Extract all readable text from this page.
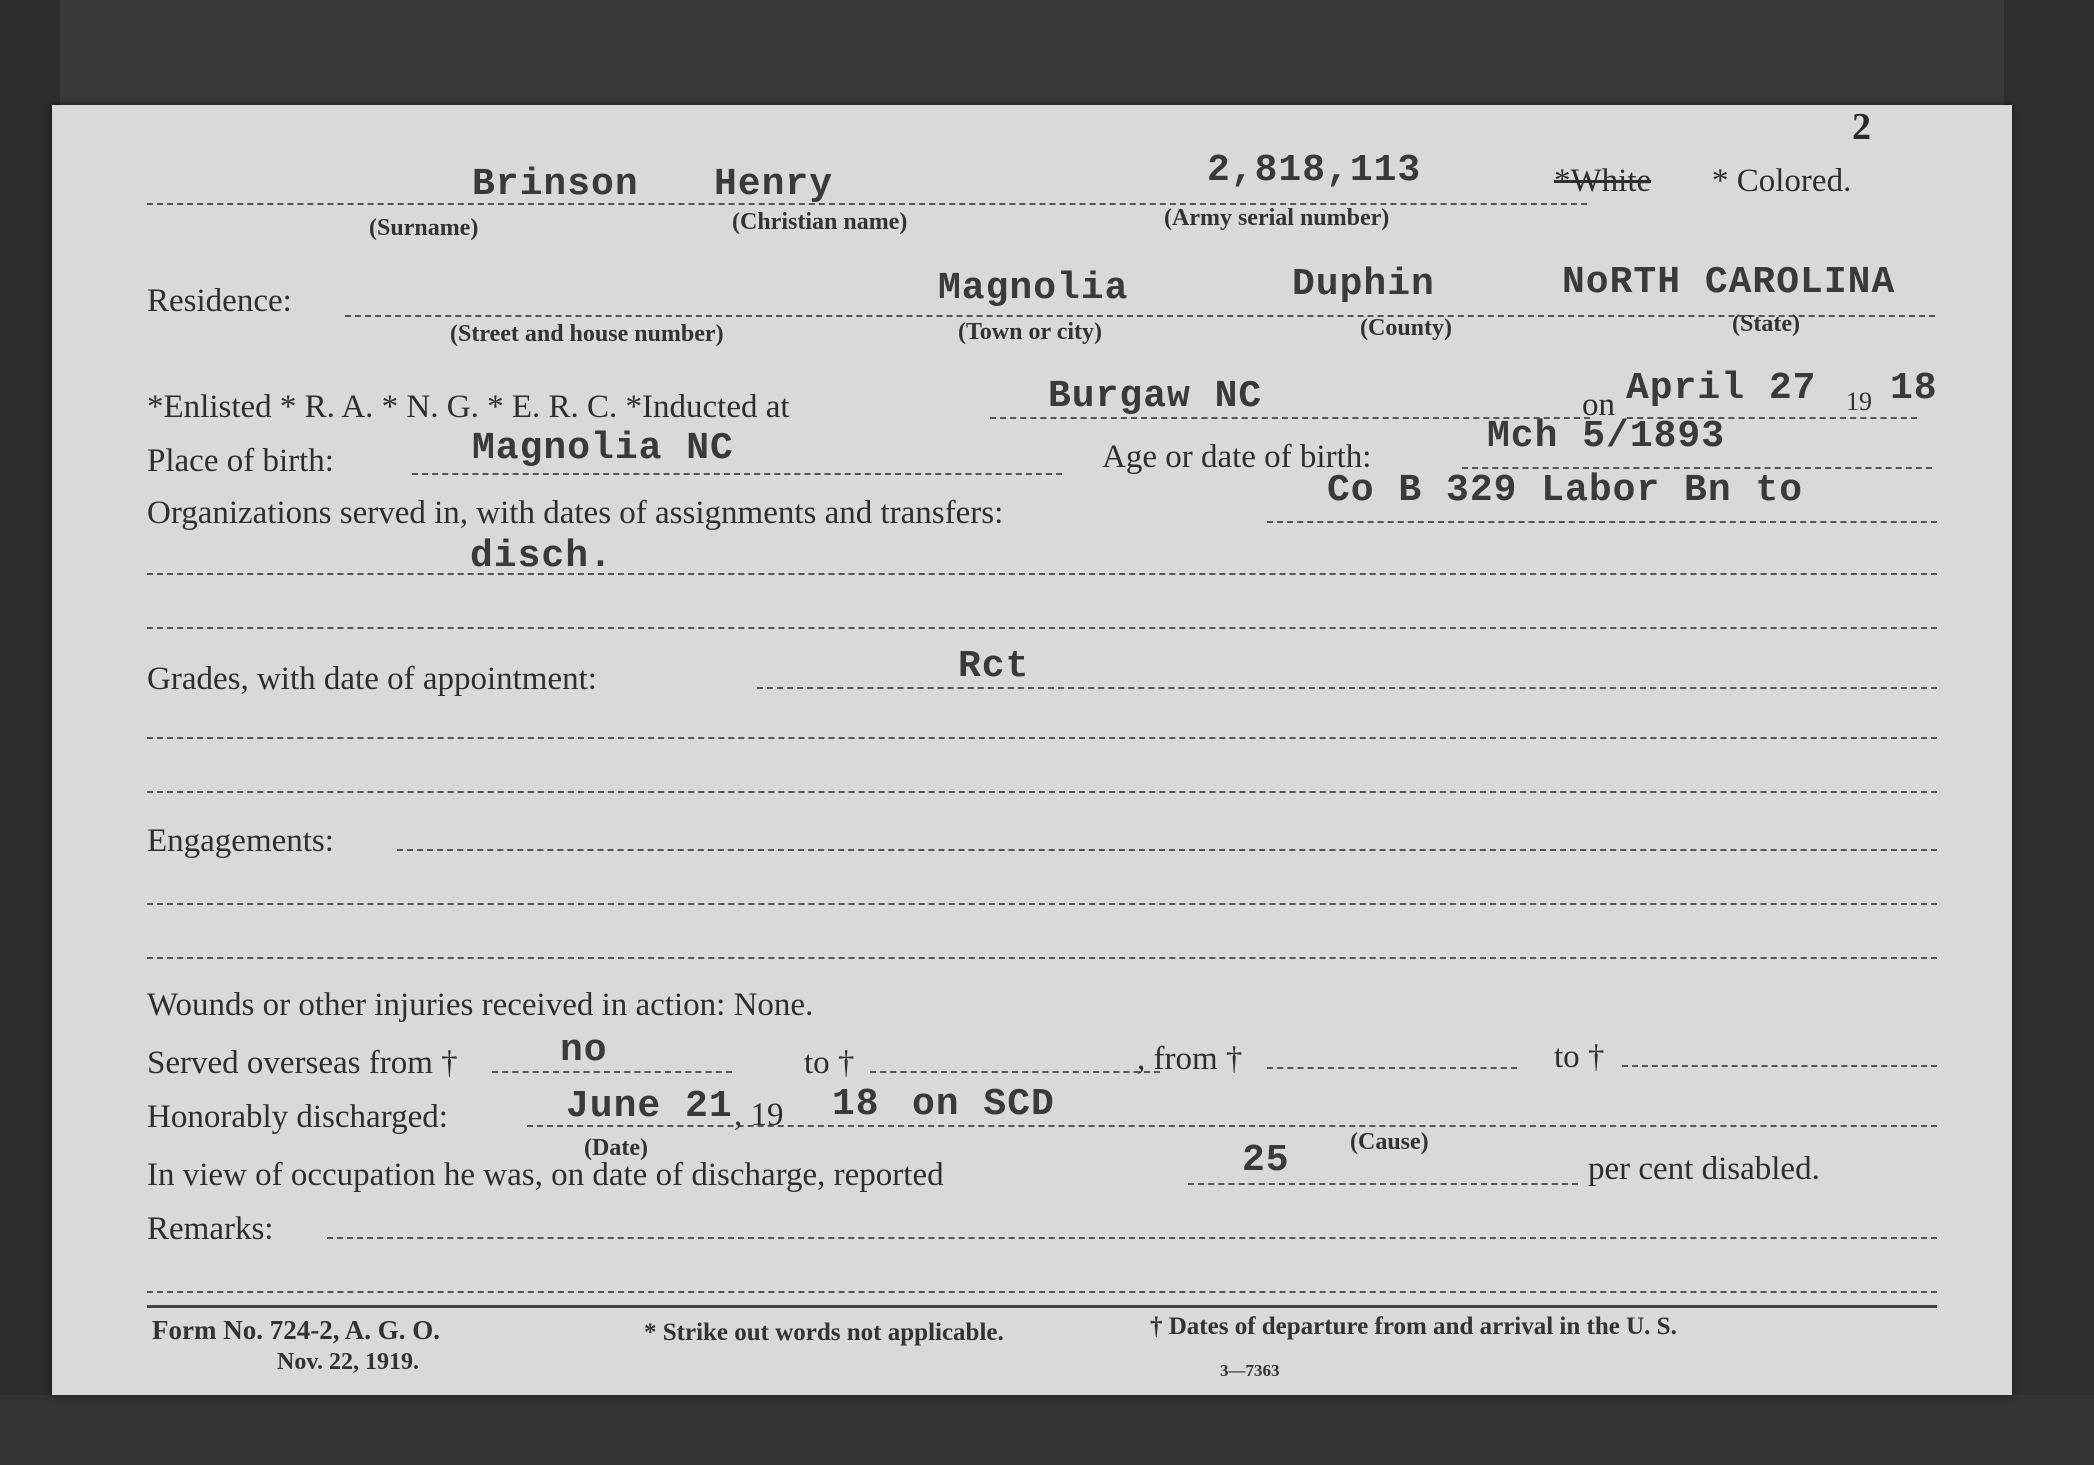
2
Brinson Henry	2,818,113
(Surname)	(Christian name)	(Army serial number)
*White * Colored.
Residence:	Magnolia	Duphin	NoRTH CAROLINA
(Street and house number)	(Town or city)	(County)	(State)
*Enlisted * R. A. * N. G. * E. R. C. *Inducted at	Burgaw NC	on April 27 19 18
Place of birth:	Magnolia NC	Age or date of birth:	Mch 5/1893
Organizations served in, with dates of assignments and transfers:
Co B 329 Labor Bn to
disch.
Grades, with date of appointment:	Rct
Engagements:
Wounds or other injuries received in action: None.
Served overseas from †	no	to †	, from †	to †
Honorably discharged:	June 21 , 19 18 on SCD
(Date)	(Cause)
In view of occupation he was, on date of discharge, reported	25	per cent disabled.
Remarks:
Form No. 724-2, A. G. O.
Nov. 22, 1919.
* Strike out words not applicable.	† Dates of departure from and arrival in the U. S.
3—7363
